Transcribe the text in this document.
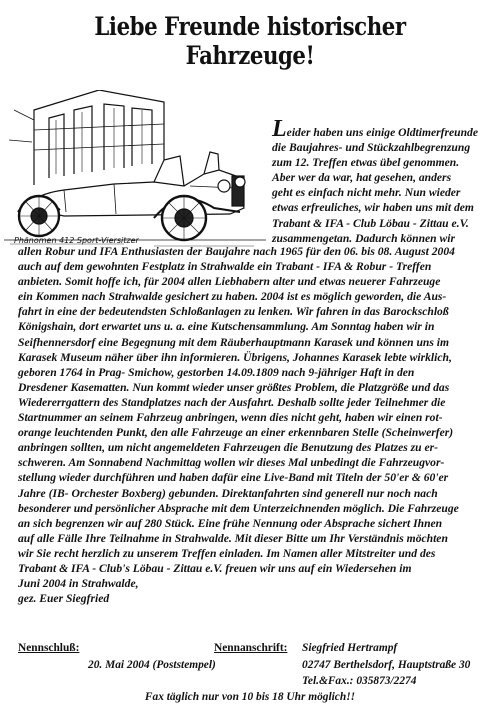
Liebe Freunde historischer Fahrzeuge!
Phänomen 412 Sport-Viersitzer
Leider haben uns einige Oldtimerfreunde
die Baujahres- und Stückzahlbegrenzung
zum 12. Treffen etwas übel genommen.
Aber wer da war, hat gesehen, anders
geht es einfach nicht mehr. Nun wieder
etwas erfreuliches, wir haben uns mit dem
Trabant & IFA - Club Löbau - Zittau e.V.
zusammengetan. Dadurch können wir
allen Robur und IFA Enthusiasten der Baujahre nach 1965 für den 06. bis 08. August 2004
auch auf dem gewohnten Festplatz in Strahwalde ein Trabant - IFA & Robur - Treffen
anbieten. Somit hoffe ich, für 2004 allen Liebhabern alter und etwas neuerer Fahrzeuge
ein Kommen nach Strahwalde gesichert zu haben. 2004 ist es möglich geworden, die Aus-
fahrt in eine der bedeutendsten Schloßanlagen zu lenken. Wir fahren in das Barockschloß
Königshain, dort erwartet uns u. a. eine Kutschensammlung. Am Sonntag haben wir in
Seifhennersdorf eine Begegnung mit dem Räuberhauptmann Karasek und können uns im
Karasek Museum näher über ihn informieren. Übrigens, Johannes Karasek lebte wirklich,
geboren 1764 in Prag- Smichow, gestorben 14.09.1809 nach 9-jähriger Haft in den
Dresdener Kasematten. Nun kommt wieder unser größtes Problem, die Platzgröße und das
Wiedererrgattern des Standplatzes nach der Ausfahrt. Deshalb sollte jeder Teilnehmer die
Startnummer an seinem Fahrzeug anbringen, wenn dies nicht geht, haben wir einen rot-
orange leuchtenden Punkt, den alle Fahrzeuge an einer erkennbaren Stelle (Scheinwerfer)
anbringen sollten, um nicht angemeldeten Fahrzeugen die Benutzung des Platzes zu er-
schweren. Am Sonnabend Nachmittag wollen wir dieses Mal unbedingt die Fahrzeugvor-
stellung wieder durchführen und haben dafür eine Live-Band mit Titeln der 50'er & 60'er
Jahre (IB- Orchester Boxberg) gebunden. Direktanfahrten sind generell nur noch nach
besonderer und persönlicher Absprache mit dem Unterzeichnenden möglich. Die Fahrzeuge
an sich begrenzen wir auf 280 Stück. Eine frühe Nennung oder Absprache sichert Ihnen
auf alle Fälle Ihre Teilnahme in Strahwalde. Mit dieser Bitte um Ihr Verständnis möchten
wir Sie recht herzlich zu unserem Treffen einladen. Im Namen aller Mitstreiter und des
Trabant & IFA - Club's Löbau - Zittau e.V. freuen wir uns auf ein Wiedersehen im
Juni 2004 in Strahwalde,
gez. Euer Siegfried
Nennschluß:
20. Mai 2004 (Poststempel)
Nennanschrift: Siegfried Hertrampf
02747 Berthelsdorf, Hauptstraße 30
Tel.&Fax.: 035873/2274
Fax täglich nur von 10 bis 18 Uhr möglich!!
